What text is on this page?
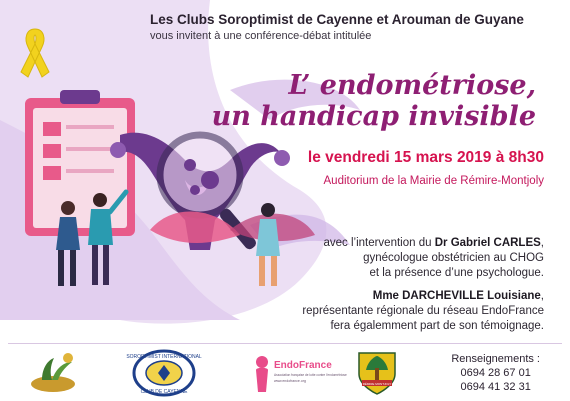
Les Clubs Soroptimist de Cayenne et Arouman de Guyane
vous invitent à une conférence-débat intitulée
L’ endométriose,
un handicap invisible
le vendredi 15 mars 2019 à 8h30
Auditorium de la Mairie de Rémire-Montjoly
avec l’intervention du Dr Gabriel CARLES,
gynécologue obstétricien au CHOG
et la présence d’une psychologue.
Mme DARCHEVILLE Louisiane,
représentante régionale du réseau EndoFrance
fera égalemment part de son témoignage.
SOROPTIMIST INTERNATIONAL
CLUB DE CAYENNE
EndoFrance
Association française de lutte contre l'endométriose
www.endofrance.org
RÉMIRE MONTJOLY
Renseignements :
0694 28 67 01
0694 41 32 31
